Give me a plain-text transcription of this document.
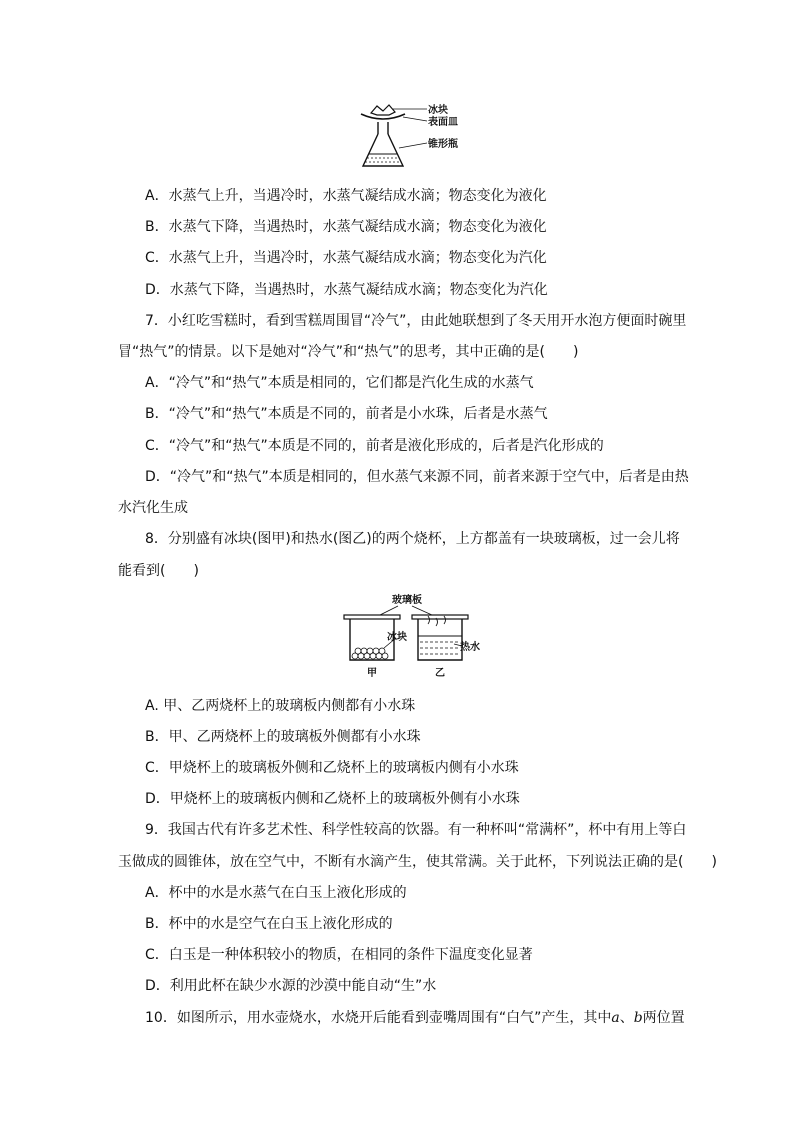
冰块
表面皿
锥形瓶
A．水蒸气上升，当遇冷时，水蒸气凝结成水滴；物态变化为液化
B．水蒸气下降，当遇热时，水蒸气凝结成水滴；物态变化为液化
C．水蒸气上升，当遇冷时，水蒸气凝结成水滴；物态变化为汽化
D．水蒸气下降，当遇热时，水蒸气凝结成水滴；物态变化为汽化
7．小红吃雪糕时，看到雪糕周围冒“冷气”，由此她联想到了冬天用开水泡方便面时碗里
冒“热气”的情景。以下是她对“冷气”和“热气”的思考，其中正确的是(　　)
A．“冷气”和“热气”本质是相同的，它们都是汽化生成的水蒸气
B．“冷气”和“热气”本质是不同的，前者是小水珠，后者是水蒸气
C．“冷气”和“热气”本质是不同的，前者是液化形成的，后者是汽化形成的
D．“冷气”和“热气”本质是相同的，但水蒸气来源不同，前者来源于空气中，后者是由热
水汽化生成
8．分别盛有冰块(图甲)和热水(图乙)的两个烧杯，上方都盖有一块玻璃板，过一会儿将
能看到(　　)
玻璃板
冰块
热水
甲	乙
A. 甲、乙两烧杯上的玻璃板内侧都有小水珠
B．甲、乙两烧杯上的玻璃板外侧都有小水珠
C．甲烧杯上的玻璃板外侧和乙烧杯上的玻璃板内侧有小水珠
D．甲烧杯上的玻璃板内侧和乙烧杯上的玻璃板外侧有小水珠
9．我国古代有许多艺术性、科学性较高的饮器。有一种杯叫“常满杯”，杯中有用上等白
玉做成的圆锥体，放在空气中，不断有水滴产生，使其常满。关于此杯，下列说法正确的是(　　)
A．杯中的水是水蒸气在白玉上液化形成的
B．杯中的水是空气在白玉上液化形成的
C．白玉是一种体积较小的物质，在相同的条件下温度变化显著
D．利用此杯在缺少水源的沙漠中能自动“生”水
10．如图所示，用水壶烧水，水烧开后能看到壶嘴周围有“白气”产生，其中a、b两位置
